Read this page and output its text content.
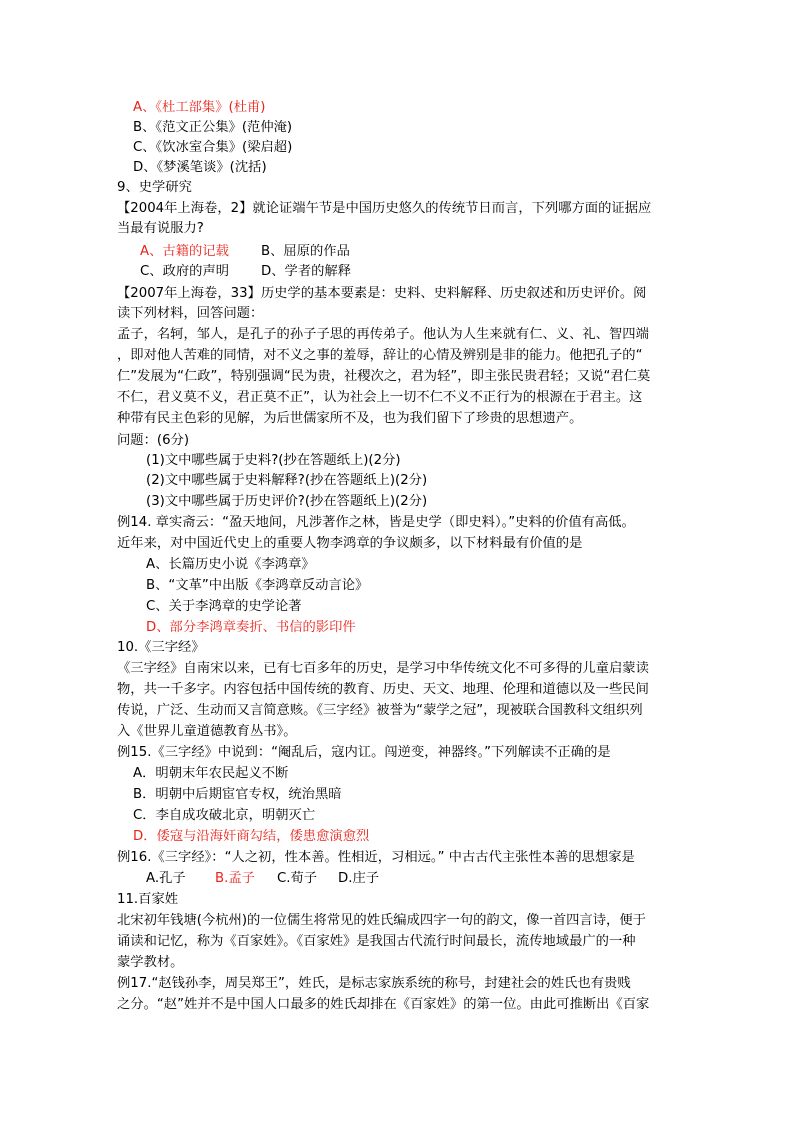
A、《杜工部集》(杜甫)
B、《范文正公集》(范仲淹)
C、《饮冰室合集》(梁启超)
D、《梦溪笔谈》(沈括)
9、史学研究
【2004年上海卷，2】就论证端午节是中国历史悠久的传统节日而言，下列哪方面的证据应
当最有说服力?
A、古籍的记载	B、屈原的作品
C、政府的声明	D、学者的解释
【2007年上海卷，33】历史学的基本要素是：史料、史料解释、历史叙述和历史评价。阅
读下列材料，回答问题：
孟子，名轲，邹人，是孔子的孙子子思的再传弟子。他认为人生来就有仁、义、礼、智四端
，即对他人苦难的同情，对不义之事的羞辱，辞让的心情及辨别是非的能力。他把孔子的“
仁”发展为“仁政”，特别强调“民为贵，社稷次之，君为轻”，即主张民贵君轻；又说“君仁莫
不仁，君义莫不义，君正莫不正”，认为社会上一切不仁不义不正行为的根源在于君主。这
种带有民主色彩的见解，为后世儒家所不及，也为我们留下了珍贵的思想遗产。
问题：(6分)
(1)文中哪些属于史料?(抄在答题纸上)(2分)
(2)文中哪些属于史料解释?(抄在答题纸上)(2分)
(3)文中哪些属于历史评价?(抄在答题纸上)(2分)
例14. 章实斋云：“盈天地间，凡涉著作之林，皆是史学（即史料）。”史料的价值有高低。
近年来，对中国近代史上的重要人物李鸿章的争议颇多，以下材料最有价值的是
A、长篇历史小说《李鸿章》
B、“文革”中出版《李鸿章反动言论》
C、关于李鸿章的史学论著
D、部分李鸿章奏折、书信的影印件
10.《三字经》
《三字经》自南宋以来，已有七百多年的历史，是学习中华传统文化不可多得的儿童启蒙读
物，共一千多字。内容包括中国传统的教育、历史、天文、地理、伦理和道德以及一些民间
传说，广泛、生动而又言简意赅。《三字经》被誉为“蒙学之冠”，现被联合国教科文组织列
入《世界儿童道德教育丛书》。
例15.《三字经》中说到：“阉乱后，寇内讧。闯逆变，神器终。”下列解读不正确的是
A．明朝末年农民起义不断
B．明朝中后期宦官专权，统治黑暗
C．李自成攻破北京，明朝灭亡
D．倭寇与沿海奸商勾结，倭患愈演愈烈
例16.《三字经》：“人之初，性本善。性相近，习相远。” 中古古代主张性本善的思想家是
A.孔子	B.孟子	C.荀子	D.庄子
11.百家姓
北宋初年钱塘(今杭州)的一位儒生将常见的姓氏编成四字一句的韵文，像一首四言诗，便于
诵读和记忆，称为《百家姓》。《百家姓》是我国古代流行时间最长，流传地域最广的一种
蒙学教材。
例17.“赵钱孙李，周吴郑王”，姓氏，是标志家族系统的称号，封建社会的姓氏也有贵贱
之分。“赵”姓并不是中国人口最多的姓氏却排在《百家姓》的第一位。由此可推断出《百家
